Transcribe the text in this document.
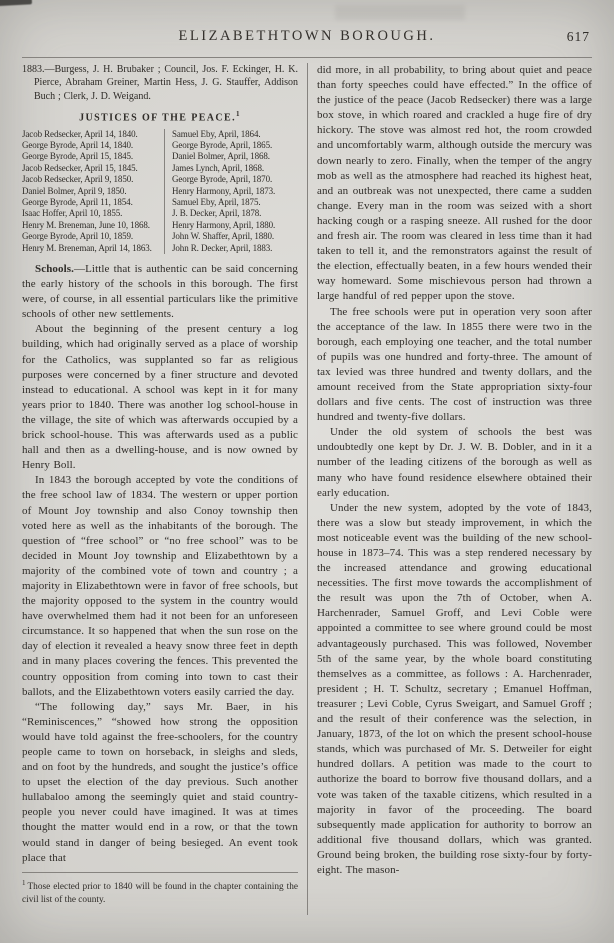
ELIZABETHTOWN BOROUGH.	617

1883.—Burgess, J. H. Brubaker ; Council, Jos. F. Eckinger, H. K. Pierce, Abraham Greiner, Martin Hess, J. G. Stauffer, Addison Buch ; Clerk, J. D. Weigand.

JUSTICES OF THE PEACE.$^1$
Jacob Redsecker, April 14, 1840.
George Byrode, April 14, 1840.
George Byrode, April 15, 1845.
Jacob Redsecker, April 15, 1845.
Jacob Redsecker, April 9, 1850.
Daniel Bolmer, April 9, 1850.
George Byrode, April 11, 1854.
Isaac Hoffer, April 10, 1855.
Henry M. Breneman, June 10, 1868.
George Byrode, April 10, 1859.
Henry M. Breneman, April 14, 1863.
Samuel Eby, April, 1864.
George Byrode, April, 1865.
Daniel Bolmer, April, 1868.
James Lynch, April, 1868.
George Byrode, April, 1870.
Henry Harmony, April, 1873.
Samuel Eby, April, 1875.
J. B. Decker, April, 1878.
Henry Harmony, April, 1880.
John W. Shaffer, April, 1880.
John R. Decker, April, 1883.

Schools.—Little that is authentic can be said concerning the early history of the schools in this borough. The first were, of course, in all essential particulars like the primitive schools of other new settlements.

About the beginning of the present century a log building, which had originally served as a place of worship for the Catholics, was supplanted so far as religious purposes were concerned by a finer structure and devoted instead to educational. A school was kept in it for many years prior to 1840. There was another log school-house in the village, the site of which was afterwards occupied by a brick school-house. This was afterwards used as a public hall and then as a dwelling-house, and is now owned by Henry Boll.

In 1843 the borough accepted by vote the conditions of the free school law of 1834. The western or upper portion of Mount Joy township and also Conoy township then voted here as well as the inhabitants of the borough. The question of “free school” or “no free school” was to be decided in Mount Joy township and Elizabethtown by a majority of the combined vote of town and country ; a majority in Elizabethtown were in favor of free schools, but the majority opposed to the system in the country would have overwhelmed them had it not been for an unforeseen circumstance. It so happened that when the sun rose on the day of election it revealed a heavy snow three feet in depth and in many places covering the fences. This prevented the country opposition from coming into town to cast their ballots, and the Elizabethtown voters easily carried the day.

“The following day,” says Mr. Baer, in his “Reminiscences,” “showed how strong the opposition would have told against the free-schoolers, for the country people came to town on horseback, in sleighs and sleds, and on foot by the hundreds, and sought the justice’s office to upset the election of the day previous. Such another hullabaloo among the seemingly quiet and staid country-people you never could have imagined. It was at times thought the matter would end in a row, or that the town would stand in danger of being besieged. An event took place that

$^1$ Those elected prior to 1840 will be found in the chapter containing the civil list of the county.

did more, in all probability, to bring about quiet and peace than forty speeches could have effected.” In the office of the justice of the peace (Jacob Redsecker) there was a large box stove, in which roared and crackled a huge fire of dry hickory. The stove was almost red hot, the room crowded and uncomfortably warm, although outside the mercury was down nearly to zero. Finally, when the temper of the angry mob as well as the atmosphere had reached its highest heat, and an outbreak was not unexpected, there came a sudden change. Every man in the room was seized with a short hacking cough or a rasping sneeze. All rushed for the door and fresh air. The room was cleared in less time than it had taken to tell it, and the remonstrators against the result of the election, effectually beaten, in a few hours wended their way homeward. Some mischievous person had thrown a large handful of red pepper upon the stove.

The free schools were put in operation very soon after the acceptance of the law. In 1855 there were two in the borough, each employing one teacher, and the total number of pupils was one hundred and forty-three. The amount of tax levied was three hundred and twenty dollars, and the amount received from the State appropriation sixty-four dollars and five cents. The cost of instruction was three hundred and twenty-five dollars.

Under the old system of schools the best was undoubtedly one kept by Dr. J. W. B. Dobler, and in it a number of the leading citizens of the borough as well as many who have found residence elsewhere obtained their early education.

Under the new system, adopted by the vote of 1843, there was a slow but steady improvement, in which the most noticeable event was the building of the new school-house in 1873–74. This was a step rendered necessary by the increased attendance and growing educational necessities. The first move towards the accomplishment of the result was upon the 7th of October, when A. Harchenrader, Samuel Groff, and Levi Coble were appointed a committee to see where ground could be most advantageously purchased. This was followed, November 5th of the same year, by the whole board constituting themselves as a committee, as follows : A. Harchenrader, president ; H. T. Schultz, secretary ; Emanuel Hoffman, treasurer ; Levi Coble, Cyrus Sweigart, and Samuel Groff ; and the result of their conference was the selection, in January, 1873, of the lot on which the present school-house stands, which was purchased of Mr. S. Detweiler for eight hundred dollars. A petition was made to the court to authorize the board to borrow five thousand dollars, and a vote was taken of the taxable citizens, which resulted in a majority in favor of the proceeding. The board subsequently made application for authority to borrow an additional five thousand dollars, which was granted. Ground being broken, the building rose sixty-four by forty-eight. The mason-
